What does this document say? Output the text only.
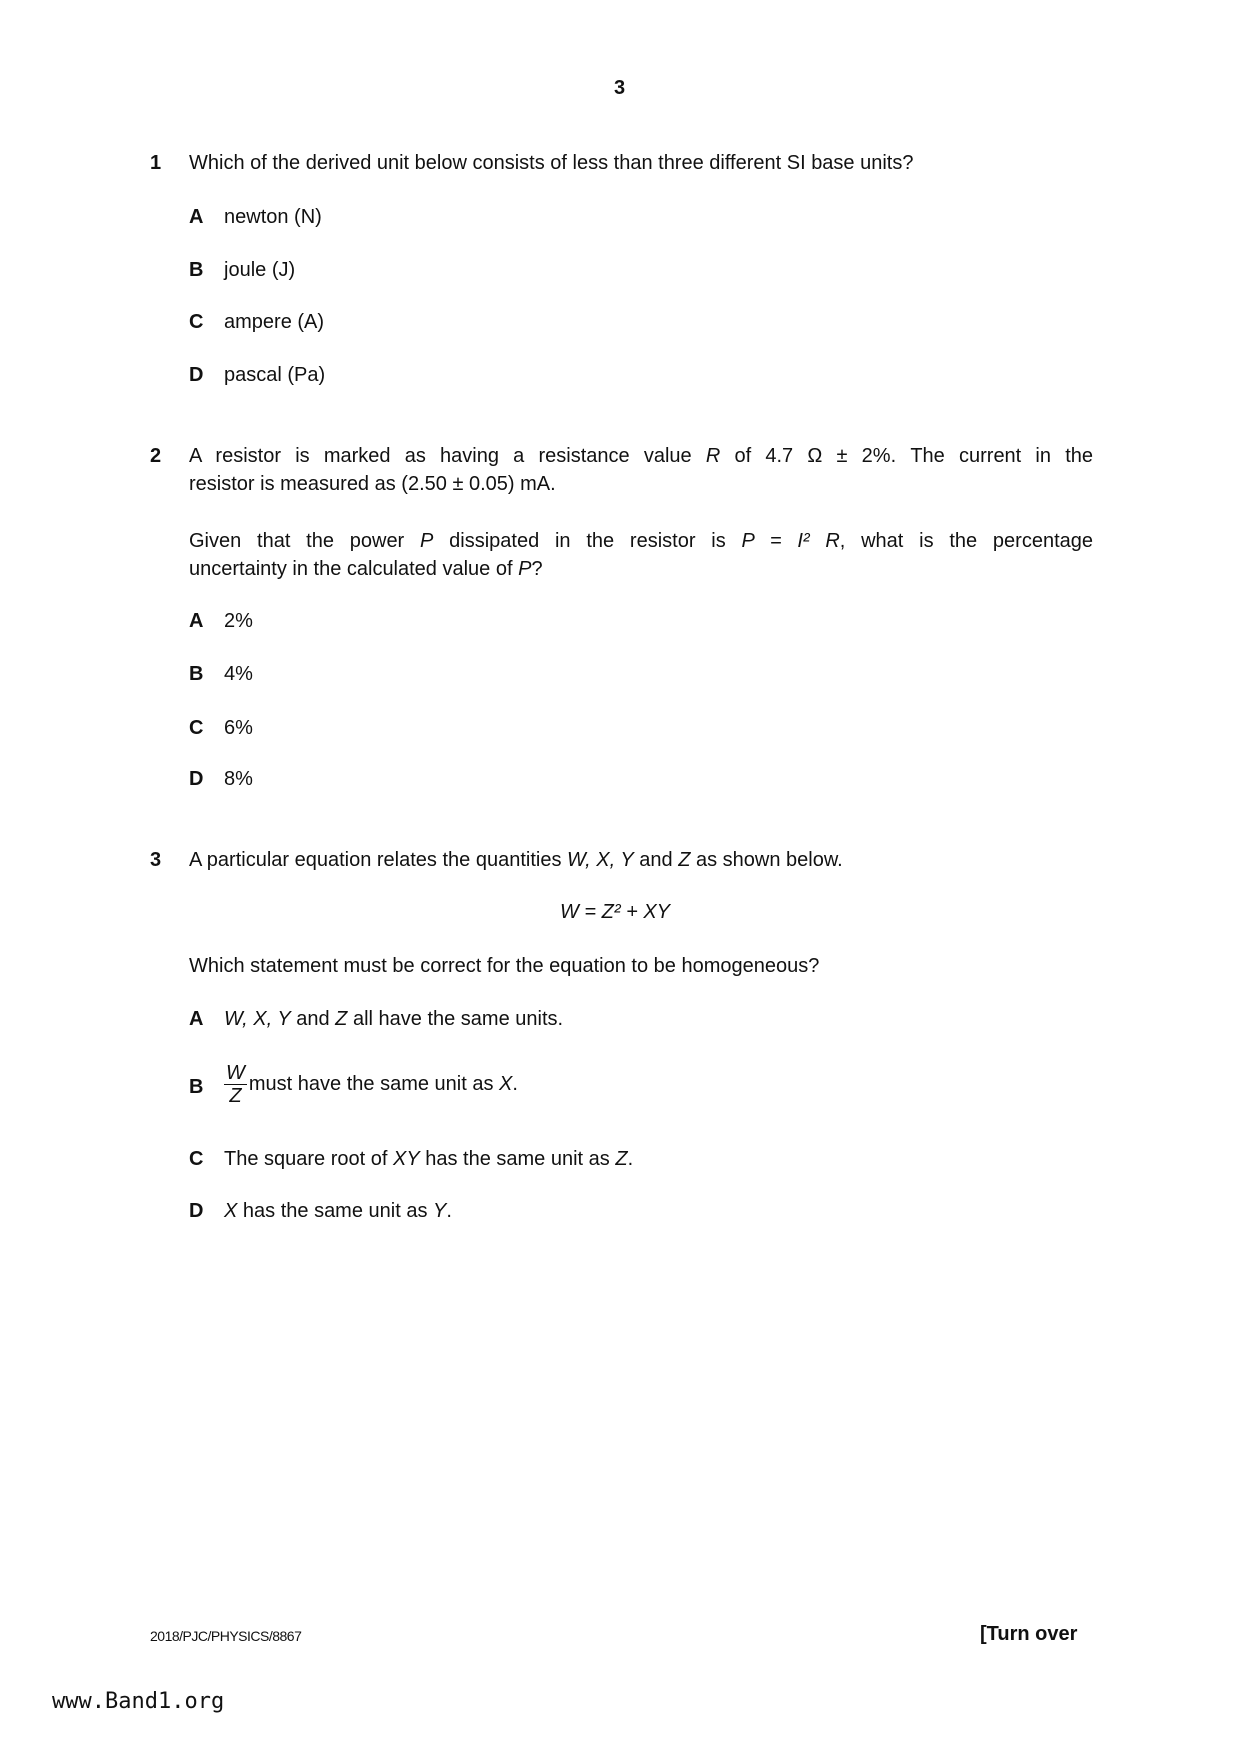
3
1 Which of the derived unit below consists of less than three different SI base units?
A newton (N)
B joule (J)
C ampere (A)
D pascal (Pa)
2 A resistor is marked as having a resistance value R of 4.7 Ω ± 2%. The current in the
resistor is measured as (2.50 ± 0.05) mA.
Given that the power P dissipated in the resistor is P = I² R, what is the percentage
uncertainty in the calculated value of P?
A 2%
B 4%
C 6%
D 8%
3 A particular equation relates the quantities W, X, Y and Z as shown below.
W = Z² + XY
Which statement must be correct for the equation to be homogeneous?
A W, X, Y and Z all have the same units.
B $\frac{W}{Z}$ must have the same unit as X.
C The square root of XY has the same unit as Z.
D X has the same unit as Y.
2018/PJC/PHYSICS/8867	[Turn over
www.Band1.org
